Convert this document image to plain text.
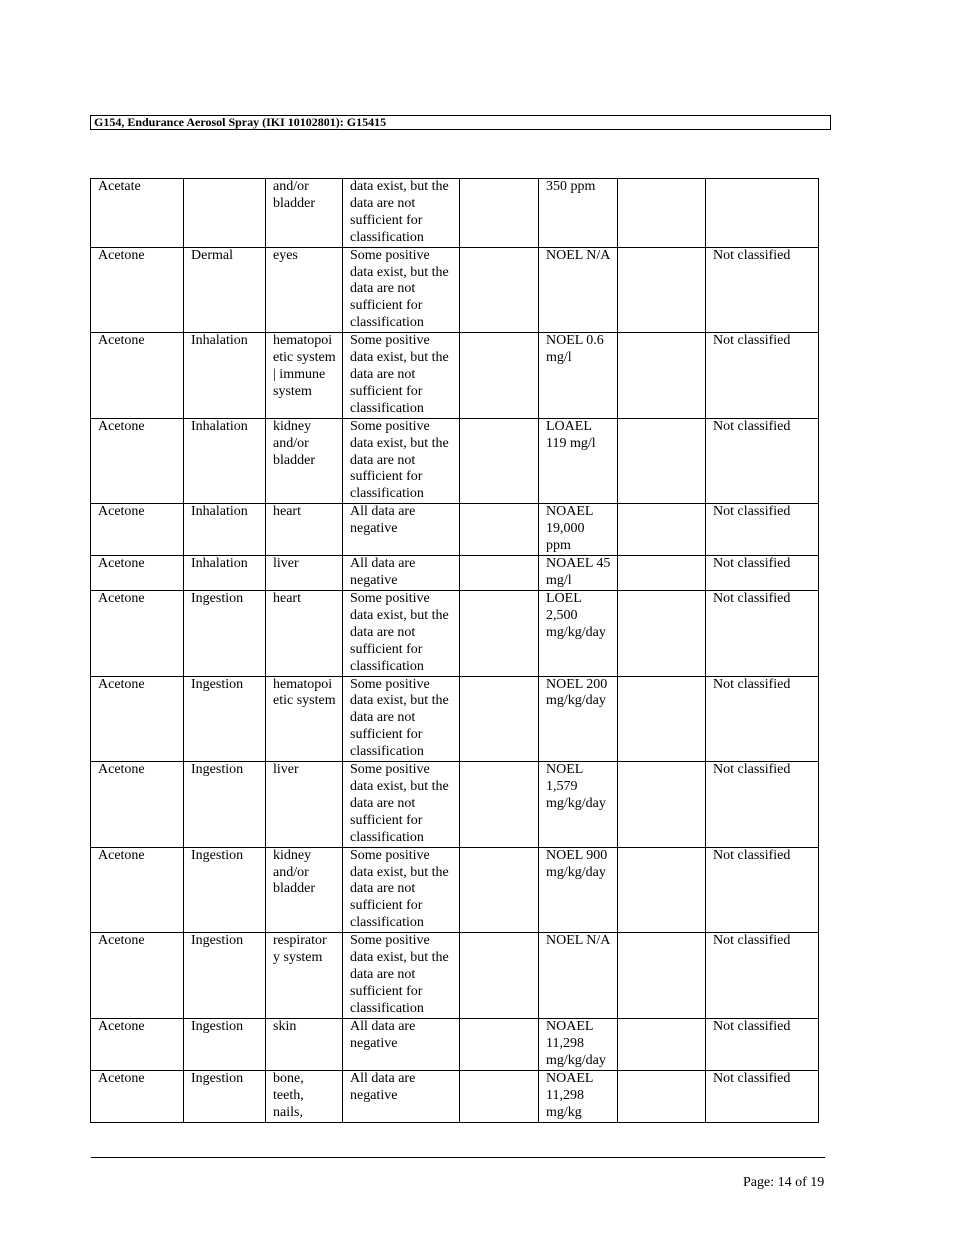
G154, Endurance Aerosol Spray (IKI 10102801): G15415
Acetate		and/or bladder	data exist, but the data are not sufficient for classification		350 ppm		
Acetone	Dermal	eyes	Some positive data exist, but the data are not sufficient for classification		NOEL N/A		Not classified
Acetone	Inhalation	hematopoi etic system | immune system	Some positive data exist, but the data are not sufficient for classification		NOEL 0.6 mg/l		Not classified
Acetone	Inhalation	kidney and/or bladder	Some positive data exist, but the data are not sufficient for classification		LOAEL 119 mg/l		Not classified
Acetone	Inhalation	heart	All data are negative		NOAEL 19,000 ppm		Not classified
Acetone	Inhalation	liver	All data are negative		NOAEL 45 mg/l		Not classified
Acetone	Ingestion	heart	Some positive data exist, but the data are not sufficient for classification		LOEL 2,500 mg/kg/day		Not classified
Acetone	Ingestion	hematopoi etic system	Some positive data exist, but the data are not sufficient for classification		NOEL 200 mg/kg/day		Not classified
Acetone	Ingestion	liver	Some positive data exist, but the data are not sufficient for classification		NOEL 1,579 mg/kg/day		Not classified
Acetone	Ingestion	kidney and/or bladder	Some positive data exist, but the data are not sufficient for classification		NOEL 900 mg/kg/day		Not classified
Acetone	Ingestion	respirator y system	Some positive data exist, but the data are not sufficient for classification		NOEL N/A		Not classified
Acetone	Ingestion	skin	All data are negative		NOAEL 11,298 mg/kg/day		Not classified
Acetone	Ingestion	bone, teeth, nails,	All data are negative		NOAEL 11,298 mg/kg		Not classified
Page: 14 of 19
